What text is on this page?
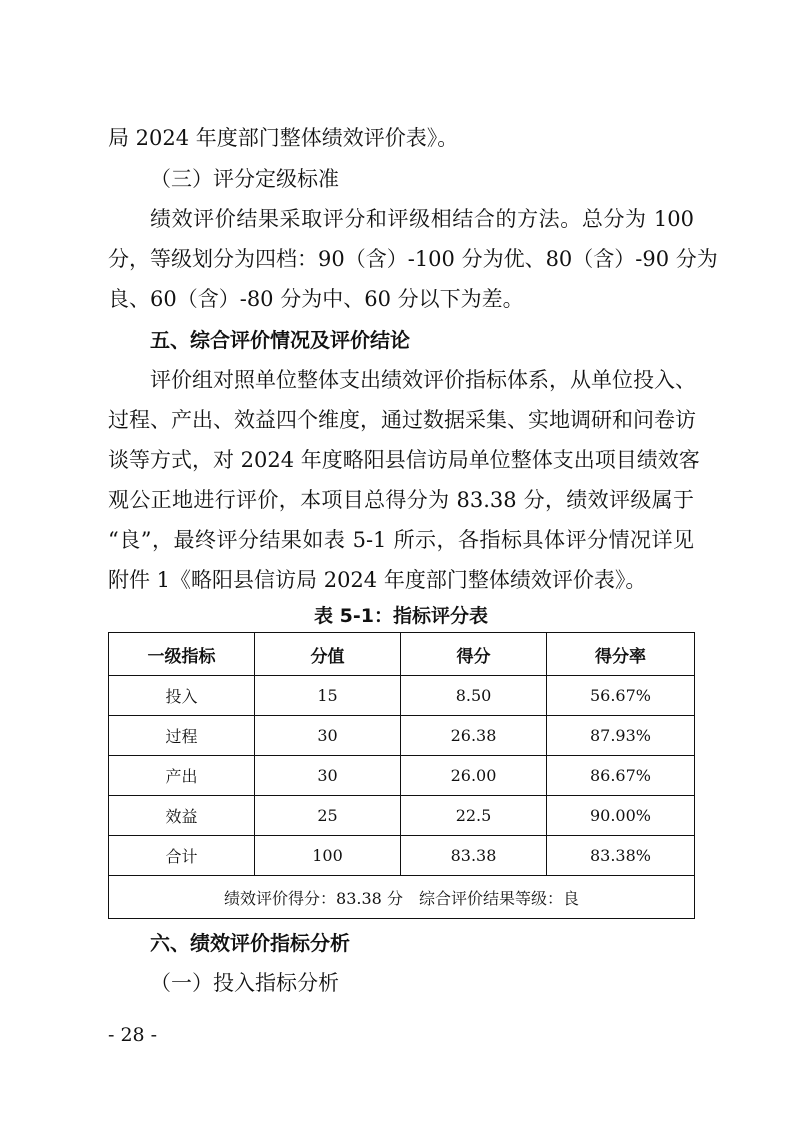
局 2024 年度部门整体绩效评价表》。
（三）评分定级标准
绩效评价结果采取评分和评级相结合的方法。总分为 100
分，等级划分为四档：90（含）-100 分为优、80（含）-90 分为
良、60（含）-80 分为中、60 分以下为差。
五、综合评价情况及评价结论
评价组对照单位整体支出绩效评价指标体系，从单位投入、
过程、产出、效益四个维度，通过数据采集、实地调研和问卷访
谈等方式，对 2024 年度略阳县信访局单位整体支出项目绩效客
观公正地进行评价，本项目总得分为 83.38 分，绩效评级属于
“良”，最终评分结果如表 5-1 所示，各指标具体评分情况详见
附件 1《略阳县信访局 2024 年度部门整体绩效评价表》。
表 5-1：指标评分表
一级指标	分值	得分	得分率
投入	15	8.50	56.67%
过程	30	26.38	87.93%
产出	30	26.00	86.67%
效益	25	22.5	90.00%
合计	100	83.38	83.38%
绩效评价得分：83.38 分　综合评价结果等级：良			
六、绩效评价指标分析
（一）投入指标分析
- 28 -
